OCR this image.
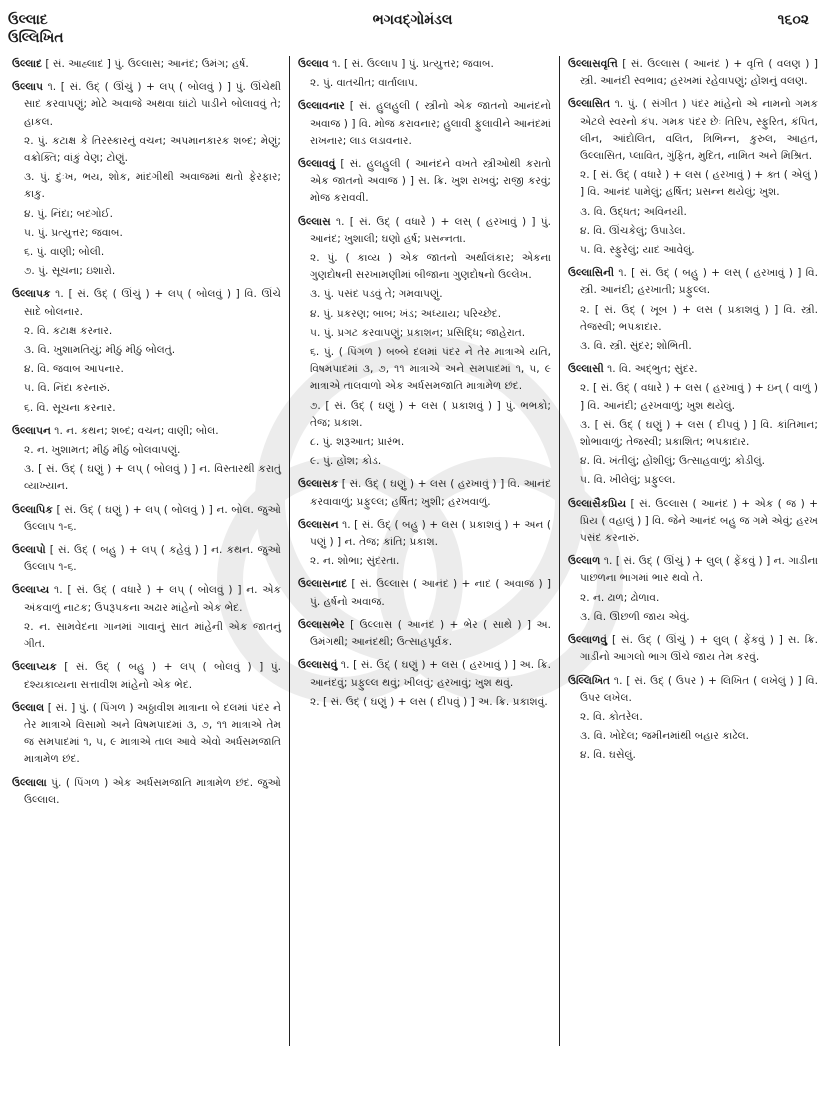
ઉલ્લાદ
ઉલ્લિખિત
ભગવદ્ગોમંડલ	૧૬૦૨

ઉલ્લાદ [ સં. આહ્લાદ ] પું. ઉલ્લાસ; આનંદ; ઉમંગ; હર્ષ.

ઉલ્લાપ ૧. [ સં. ઉદ્ ( ઊંચું ) + લપ્ ( બોલવું ) ] પું. ઊંચેથી સાદ કરવાપણું; મોટે અવાજે અથવા ઘાંટો પાડીને બોલાવવું તે; હાકલ.

૨. પું. કટાક્ષ કે તિરસ્કારનું વચન; અપમાનકારક શબ્દ; મેણું; વક્રોક્તિ; વાંકું વેણ; ટોણું.

૩. પું. દુઃખ, ભય, શોક, માંદગીથી અવાજમાં થતો ફેરફાર; કાકુ.

૪. પું. નિંદા; બદગોઈ.

૫. પું. પ્રત્યુત્તર; જવાબ.

૬. પું. વાણી; બોલી.

૭. પું. સૂચના; ઇશારો.

ઉલ્લાપક ૧. [ સં. ઉદ્ ( ઊંચું ) + લપ્ ( બોલવું ) ] વિ. ઊંચે સાદે બોલનાર.

૨. વિ. કટાક્ષ કરનાર.

૩. વિ. ખુશામતિયું; મીઠું મીઠું બોલતું.

૪. વિ. જવાબ આપનાર.

૫. વિ. નિંદા કરનારું.

૬. વિ. સૂચના કરનાર.

ઉલ્લાપન ૧. ન. કથન; શબ્દ; વચન; વાણી; બોલ.

૨. ન. ખુશામત; મીઠું મીઠું બોલવાપણું.

૩. [ સં. ઉદ્ ( ઘણું ) + લપ્ ( બોલવું ) ] ન. વિસ્તારથી કરાતું વ્યાખ્યાન.

ઉલ્લાપિક [ સં. ઉદ્ ( ઘણું ) + લપ્ ( બોલવું ) ] ન. બોલ. જુઓ ઉલ્લાપ ૧-૬.

ઉલ્લાપો [ સં. ઉદ્ ( બહુ ) + લપ્ ( કહેવું ) ] ન. કથન. જુઓ ઉલ્લાપ ૧-૬.

ઉલ્લાપ્ય ૧. [ સં. ઉદ્ ( વધારે ) + લપ્ ( બોલવું ) ] ન. એક અંકવાળું નાટક; ઉપરૂપકના અઢાર માંહેનો એક ભેદ.

૨. ન. સામવેદના ગાનમાં ગાવાનું સાત માંહેની એક જાતનું ગીત.

ઉલ્લાપ્યક [ સં. ઉદ્ ( બહુ ) + લપ્ ( બોલવું ) ] પું. દશ્યકાવ્યના સત્તાવીશ માંહેનો એક ભેદ.

ઉલ્લાલ [ સં. ] પું. ( પિંગળ ) અઠ્ઠાવીશ માત્રાના બે દલમાં પંદર ને તેર માત્રાએ વિસામો અને વિષમપાદમાં ૩, ૭, ૧૧ માત્રાએ તેમ જ સમપાદમાં ૧, ૫, ૯ માત્રાએ તાલ આવે એવો અર્ધસમજાતિ માત્રામેળ છંદ.

ઉલ્લાલા પું. ( પિંગળ ) એક અર્ધસમજાતિ માત્રામેળ છંદ. જુઓ ઉલ્લાલ.

ઉલ્લાવ ૧. [ સં. ઉલ્લાપ ] પું. પ્રત્યુત્તર; જવાબ.

૨. પું. વાતચીત; વાર્તાલાપ.

ઉલ્લાવનાર [ સં. હુલહુલી ( સ્ત્રીનો એક જાતનો આનંદનો અવાજ ) ] વિ. મોજ કરાવનાર; હુલાવી ફુલાવીને આનંદમાં રાખનાર; લાડ લડાવનાર.

ઉલ્લાવવું [ સં. હુલહુલી ( આનંદને વખતે સ્ત્રીઓથી કરાતો એક જાતનો અવાજ ) ] સ. ક્રિ. ખુશ રાખવું; રાજી કરવું; મોજ કરાવવી.

ઉલ્લાસ ૧. [ સં. ઉદ્ ( વધારે ) + લસ્ ( હરખાવું ) ] પું. આનંદ; ખુશાલી; ઘણો હર્ષ; પ્રસન્નતા.

૨. પું. ( કાવ્ય ) એક જાતનો અર્થાલંકાર; એકના ગુણદોષની સરખામણીમાં બીજાના ગુણદોષનો ઉલ્લેખ.

૩. પું. પસંદ પડવું તે; ગમવાપણું.

૪. પું. પ્રકરણ; બાબ; ખંડ; અધ્યાય; પરિચ્છેદ.

૫. પું. પ્રગટ કરવાપણું; પ્રકાશન; પ્રસિદ્ધિ; જાહેરાત.

૬. પું. ( પિંગળ ) બબ્બે દલમાં પંદર ને તેર માત્રાએ યતિ, વિષમપાદમાં ૩, ૭, ૧૧ માત્રાએ અને સમપાદમાં ૧, ૫, ૯ માત્રાએ તાલવાળો એક અર્ધસમજાતિ માત્રામેળ છંદ.

૭. [ સં. ઉદ્ ( ઘણું ) + લસ ( પ્રકાશવું ) ] પું. ભભકો; તેજ; પ્રકાશ.

૮. પું. શરૂઆત; પ્રારંભ.

૯. પું. હોંશ; કોડ.

ઉલ્લાસક [ સં. ઉદ્ ( ઘણું ) + લસ ( હરખાવું ) ] વિ. આનંદ કરવાવાળું; પ્રફુલ્લ; હર્ષિત; ખુશી; હરખવાળું.

ઉલ્લાસન ૧. [ સં. ઉદ્ ( બહુ ) + લસ ( પ્રકાશવું ) + અન ( પણું ) ] ન. તેજ; કાંતિ; પ્રકાશ.

૨. ન. શોભા; સુંદરતા.

ઉલ્લાસનાદ [ સં. ઉલ્લાસ ( આનંદ ) + નાદ ( અવાજ ) ] પું. હર્ષનો અવાજ.

ઉલ્લાસભેર [ ઉલ્લાસ ( આનંદ ) + ભેર ( સાથે ) ] અ. ઉમંગથી; આનંદથી; ઉત્સાહપૂર્વક.

ઉલ્લાસવું ૧. [ સં. ઉદ્ ( ઘણું ) + લસ ( હરખાવું ) ] અ. ક્રિ. આનંદવું; પ્રફુલ્લ થવું; ખીલવું; હરખાવું; ખુશ થવું.

૨. [ સં. ઉદ્ ( ઘણું ) + લસ ( દીપવું ) ] અ. ક્રિ. પ્રકાશવું.

ઉલ્લાસવૃત્તિ [ સં. ઉલ્લાસ ( આનંદ ) + વૃત્તિ ( વલણ ) ] સ્ત્રી. આનંદી સ્વભાવ; હરખમાં રહેવાપણું; હોંશનું વલણ.

ઉલ્લાસિત ૧. પું. ( સંગીત ) પંદર માંહેનો એ નામનો ગમક એટલે સ્વરનો કંપ. ગમક પંદર છેઃ તિરિપ, સ્ફુરિત, કંપિત, લીન, આંદોલિત, વલિત, ત્રિભિન્ન, કુરુલ, આહત, ઉલ્લાસિત, પ્લાવિત, ગુંફિત, મુદિત, નામિત અને મિશ્રિત.

૨. [ સં. ઉદ્ ( વધારે ) + લસ ( હરખાવું ) + ક્ત ( એલું ) ] વિ. આનંદ પામેલું; હર્ષિત; પ્રસન્ન થયેલું; ખુશ.

૩. વિ. ઉદ્ધત; અવિનયી.

૪. વિ. ઊંચકેલું; ઉપાડેલ.

૫. વિ. સ્ફુરેલું; યાદ આવેલું.

ઉલ્લાસિની ૧. [ સં. ઉદ્ ( બહુ ) + લસ્ ( હરખાવું ) ] વિ. સ્ત્રી. આનંદી; હરખાતી; પ્રફુલ્લ.

૨. [ સં. ઉદ્ ( ખૂબ ) + લસ ( પ્રકાશવું ) ] વિ. સ્ત્રી. તેજસ્વી; ભપકાદાર.

૩. વિ. સ્ત્રી. સુંદર; શોભિતી.

ઉલ્લાસી ૧. વિ. અદ્ભુત; સુંદર.

૨. [ સં. ઉદ્ ( વધારે ) + લસ ( હરખાવું ) + ઇન્ ( વાળું ) ] વિ. આનંદી; હરખવાળું; ખુશ થયેલું.

૩. [ સં. ઉદ્ ( ઘણું ) + લસ ( દીપવું ) ] વિ. કાંતિમાન; શોભાવાળું; તેજસ્વી; પ્રકાશિત; ભપકાદાર.

૪. વિ. ખંતીલું; હોંશીલું; ઉત્સાહવાળું; કોડીલું.

૫. વિ. ખીલેલું; પ્રફુલ્લ.

ઉલ્લાસૈકપ્રિય [ સં. ઉલ્લાસ ( આનંદ ) + એક ( જ ) + પ્રિય ( વહાલું ) ] વિ. જેને આનંદ બહુ જ ગમે એવું; હરખ પસંદ કરનારું.

ઉલ્લાળ ૧. [ સં. ઉદ્ ( ઊંચું ) + લુલ્ ( ફેંકવું ) ] ન. ગાડીના પાછળના ભાગમાં ભાર થવો તે.

૨. ન. ઢાળ; ઢોળાવ.

૩. વિ. ઊછળી જાય એવું.

ઉલ્લાળવું [ સં. ઉદ્ ( ઊંચું ) + લુલ્ ( ફેંકવું ) ] સ. ક્રિ. ગાડીનો આગલો ભાગ ઊંચે જાય તેમ કરવું.

ઉલ્લિખિત ૧. [ સં. ઉદ્ ( ઉપર ) + લિખિત ( લખેલું ) ] વિ. ઉપર લખેલ.

૨. વિ. કોતરેલ.

૩. વિ. ખોદેલ; જમીનમાંથી બહાર કાઢેલ.

૪. વિ. ઘસેલું.
